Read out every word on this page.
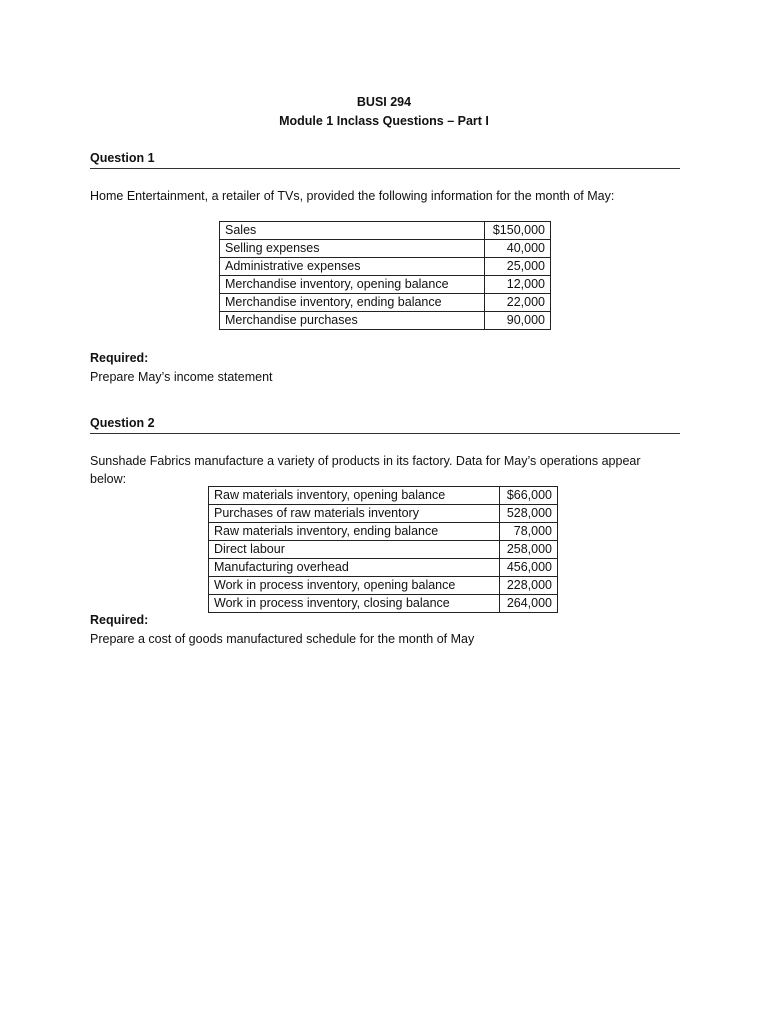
BUSI 294
Module 1 Inclass Questions – Part I
Question 1
Home Entertainment, a retailer of TVs, provided the following information for the month of May:
Sales	$150,000
Selling expenses	40,000
Administrative expenses	25,000
Merchandise inventory, opening balance	12,000
Merchandise inventory, ending balance	22,000
Merchandise purchases	90,000
Required:
Prepare May’s income statement
Question 2
Sunshade Fabrics manufacture a variety of products in its factory. Data for May’s operations appear below:
Raw materials inventory, opening balance	$66,000
Purchases of raw materials inventory	528,000
Raw materials inventory, ending balance	78,000
Direct labour	258,000
Manufacturing overhead	456,000
Work in process inventory, opening balance	228,000
Work in process inventory, closing balance	264,000
Required:
Prepare a cost of goods manufactured schedule for the month of May
